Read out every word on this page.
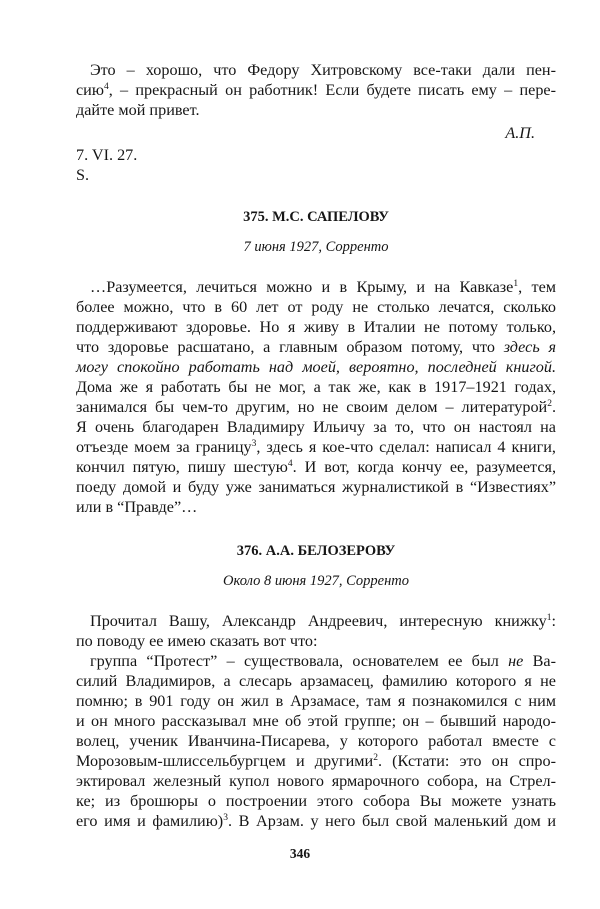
Это – хорошо, что Федору Хитровскому все-таки дали пен-
сию$^4$, – прекрасный он работник! Если будете писать ему – пере-
дайте мой привет.
А.П.
7. VI. 27.
S.
375. М.С. САПЕЛОВУ
7 июня 1927, Сорренто
…Разумеется, лечиться можно и в Крыму, и на Кавказе$^1$, тем
более можно, что в 60 лет от роду не столько лечатся, сколько
поддерживают здоровье. Но я живу в Италии не потому только,
что здоровье расшатано, а главным образом потому, что здесь я
могу спокойно работать над моей, вероятно, последней книгой.
Дома же я работать бы не мог, а так же, как в 1917–1921 годах,
занимался бы чем-то другим, но не своим делом – литературой$^2$.
Я очень благодарен Владимиру Ильичу за то, что он настоял на
отъезде моем за границу$^3$, здесь я кое-что сделал: написал 4 книги,
кончил пятую, пишу шестую$^4$. И вот, когда кончу ее, разумеется,
поеду домой и буду уже заниматься журналистикой в “Известиях”
или в “Правде”…
376. А.А. БЕЛОЗЕРОВУ
Около 8 июня 1927, Сорренто
Прочитал Вашу, Александр Андреевич, интересную книжку$^1$:
по поводу ее имею сказать вот что:
группа “Протест” – существовала, основателем ее был не Ва-
силий Владимиров, а слесарь арзамасец, фамилию которого я не
помню; в 901 году он жил в Арзамасе, там я познакомился с ним
и он много рассказывал мне об этой группе; он – бывший народо-
волец, ученик Иванчина-Писарева, у которого работал вместе с
Морозовым-шлиссельбургцем и другими$^2$. (Кстати: это он спро-
эктировал железный купол нового ярмарочного собора, на Стрел-
ке; из брошюры о построении этого собора Вы можете узнать
его имя и фамилию)$^3$. В Арзам. у него был свой маленький дом и
346
